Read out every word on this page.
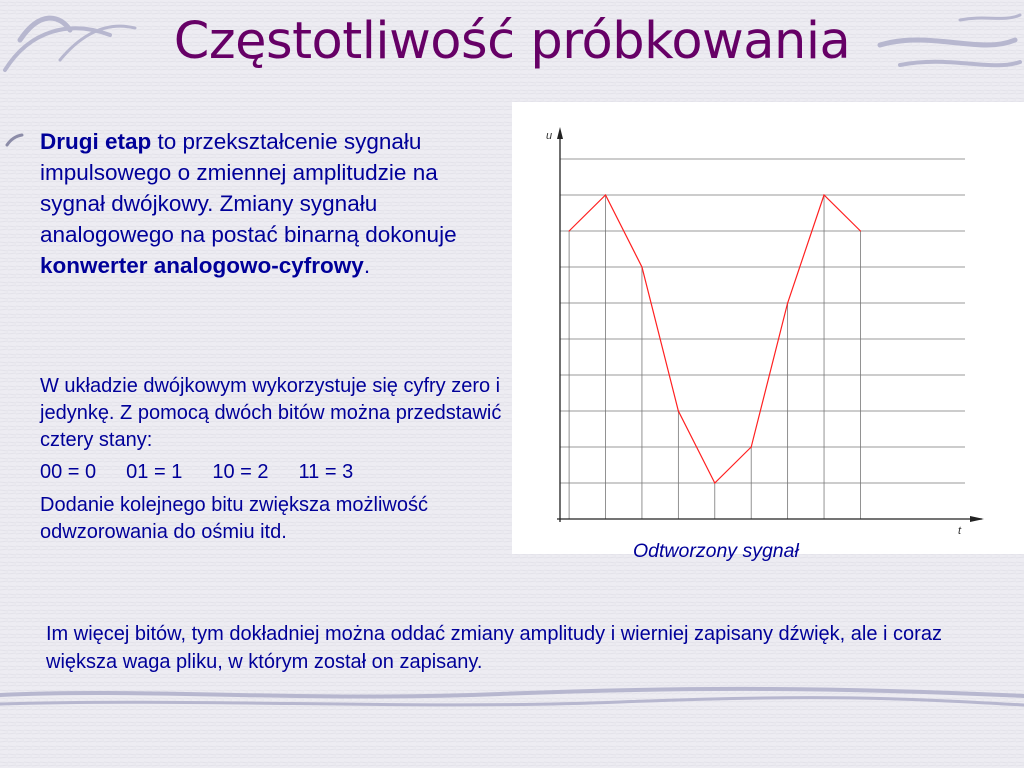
Częstotliwość próbkowania
Drugi etap to przekształcenie sygnału impulsowego o zmiennej amplitudzie na sygnał dwójkowy. Zmiany sygnału analogowego na postać binarną dokonuje konwerter analogowo-cyfrowy.
W układzie dwójkowym wykorzystuje się cyfry zero i jedynkę. Z pomocą dwóch bitów można przedstawić cztery stany:
00 = 0 01 = 1 10 = 2 11 = 3
Dodanie kolejnego bitu zwiększa możliwość odwzorowania do ośmiu itd.
u
t
Odtworzony sygnał
Im więcej bitów, tym dokładniej można oddać zmiany amplitudy i wierniej zapisany dźwięk, ale i coraz większa waga pliku, w którym został on zapisany.
